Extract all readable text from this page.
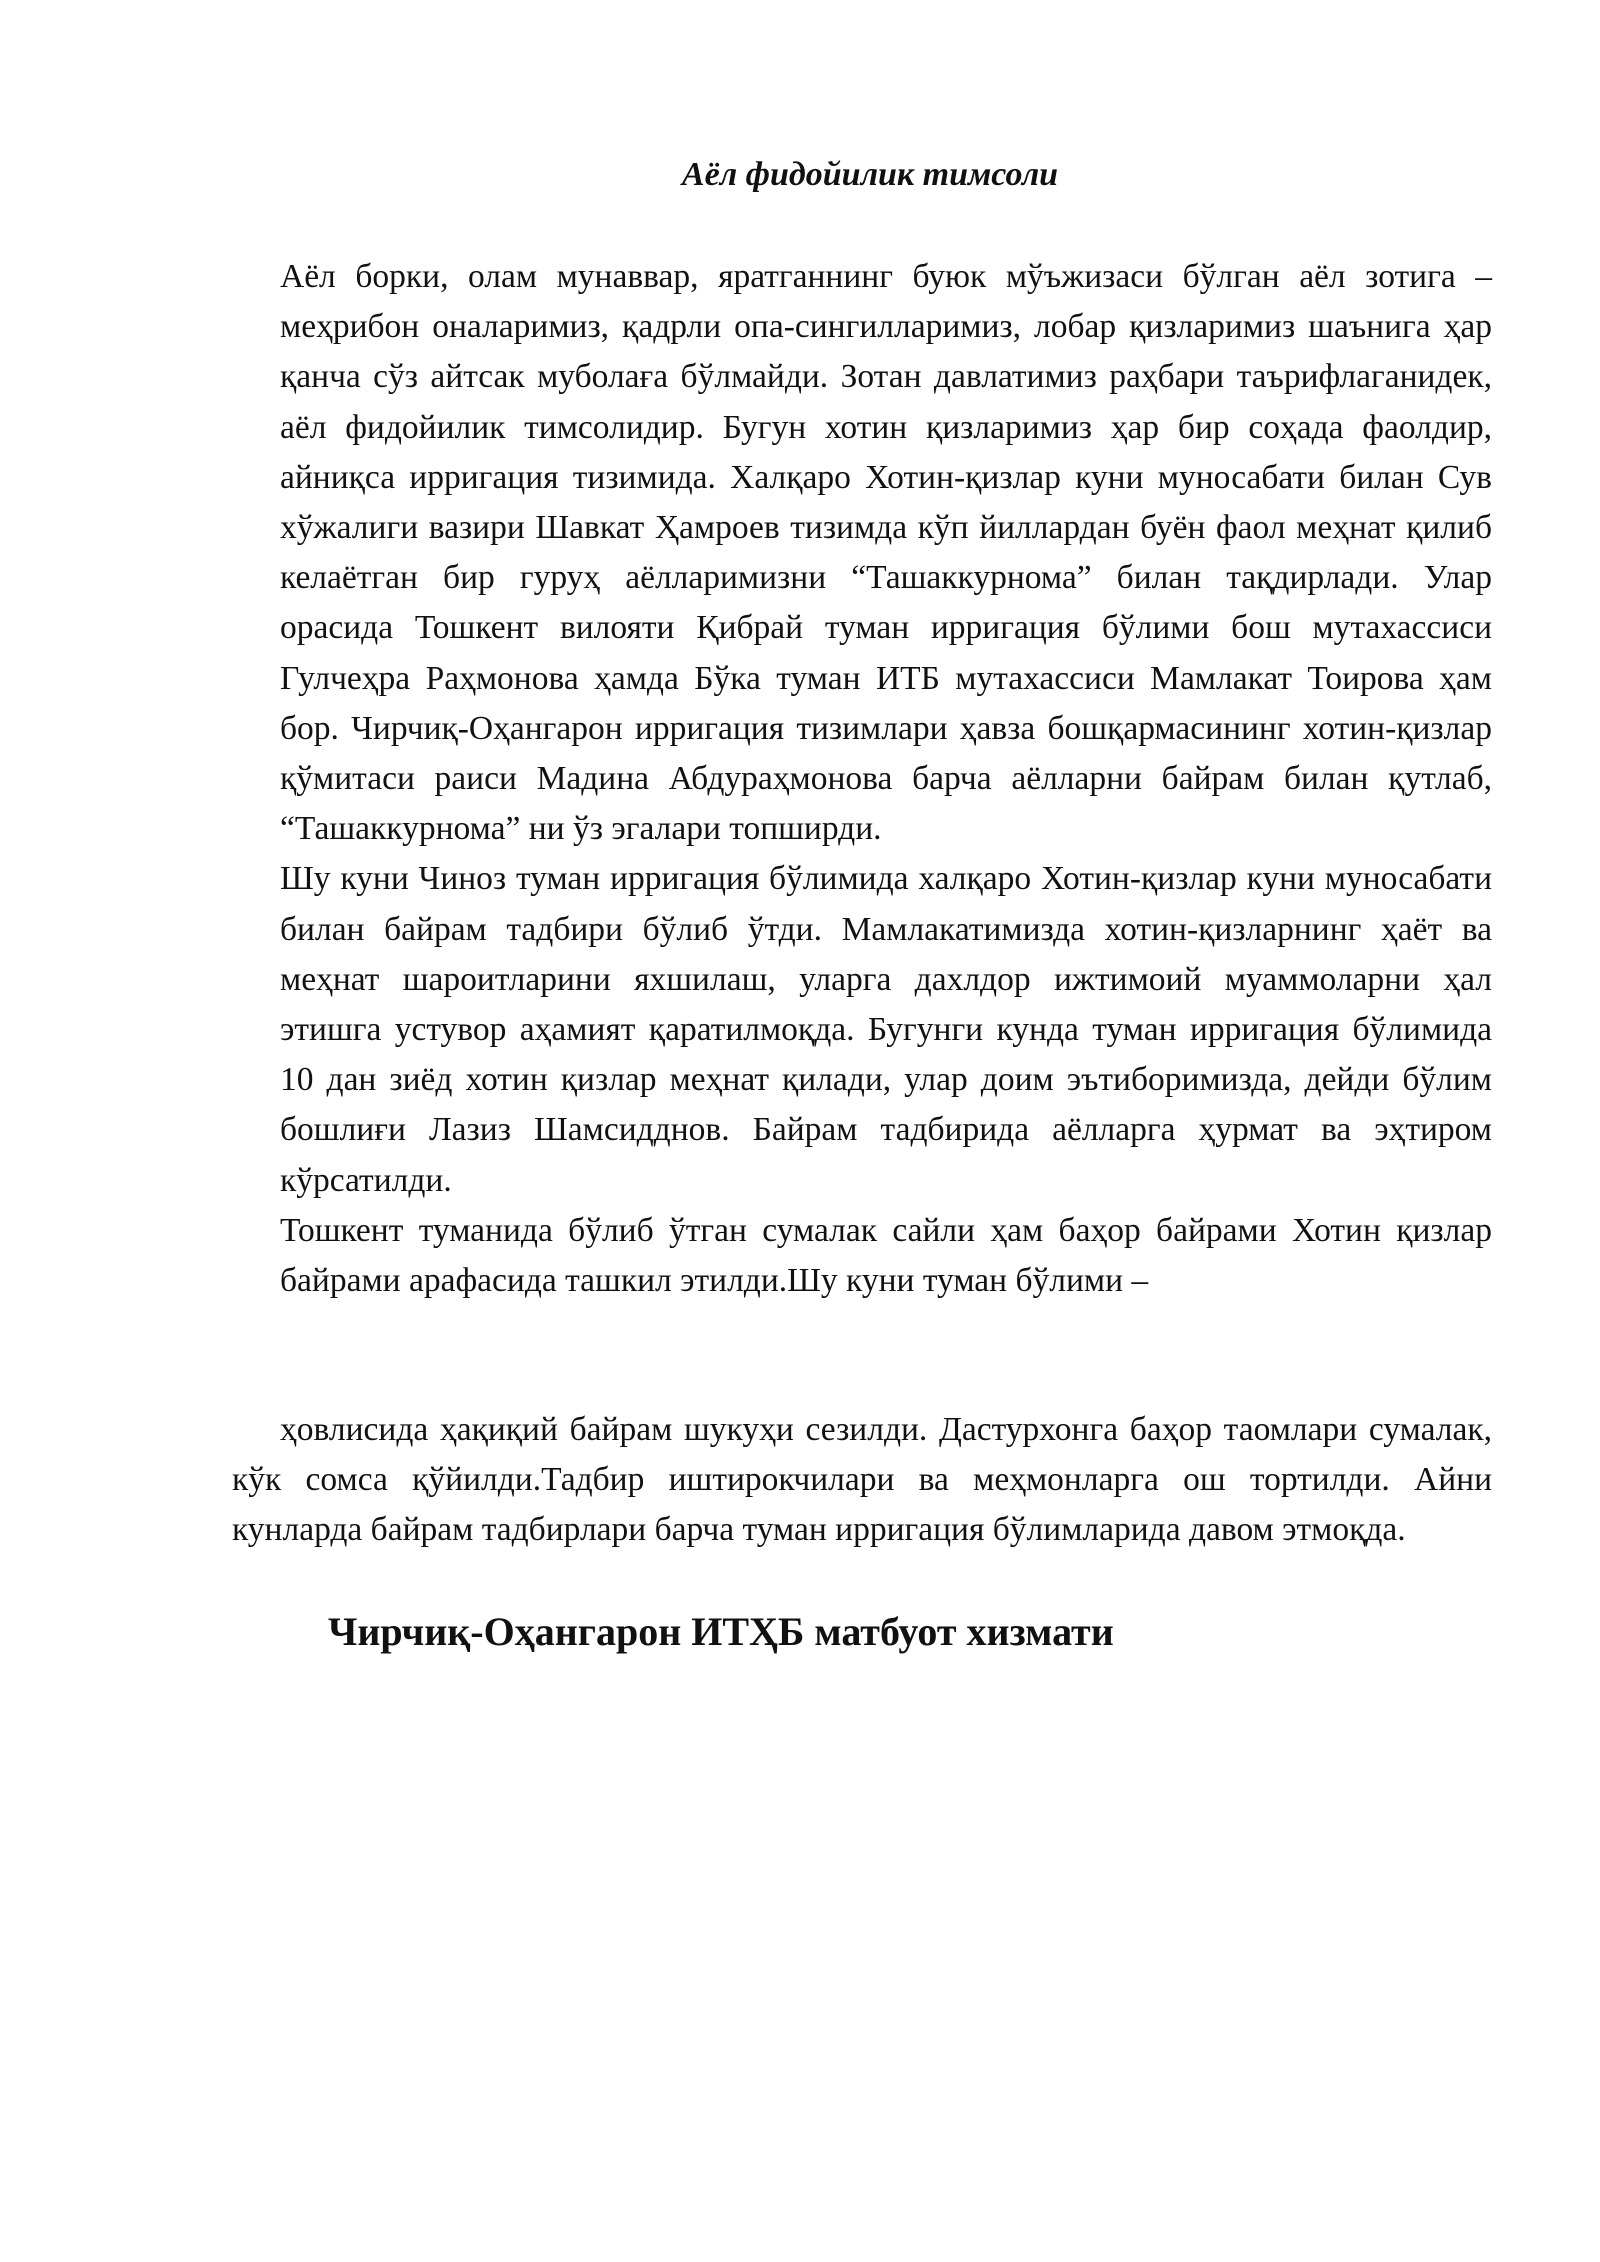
Аёл фидойилик тимсоли

Аёл борки, олам мунаввар, яратганнинг буюк мўъжизаси бўлган аёл зотига – меҳрибон оналаримиз, қадрли опа-сингилларимиз, лобар қизларимиз шаънига ҳар қанча сўз айтсак муболаға бўлмайди. Зотан давлатимиз раҳбари таърифлаганидек, аёл фидойилик тимсолидир. Бугун хотин қизларимиз ҳар бир соҳада фаолдир, айниқса ирригация тизимида. Халқаро Хотин-қизлар куни муносабати билан Сув хўжалиги вазири Шавкат Ҳамроев тизимда кўп йиллардан буён фаол меҳнат қилиб келаётган бир гуруҳ аёлларимизни “Ташаккурнома” билан тақдирлади. Улар орасида Тошкент вилояти Қибрай туман ирригация бўлими бош мутахассиси Гулчеҳра Раҳмонова ҳамда Бўка туман ИТБ мутахассиси Мамлакат Тоирова ҳам бор. Чирчиқ-Оҳангарон ирригация тизимлари ҳавза бошқармасининг хотин-қизлар қўмитаси раиси Мадина Абдураҳмонова барча аёлларни байрам билан қутлаб, “Ташаккурнома” ни ўз эгалари топширди.

Шу куни Чиноз туман ирригация бўлимида халқаро Хотин-қизлар куни муносабати билан байрам тадбири бўлиб ўтди. Мамлакатимизда хотин-қизларнинг ҳаёт ва меҳнат шароитларини яхшилаш, уларга дахлдор ижтимоий муаммоларни ҳал этишга устувор аҳамият қаратилмоқда. Бугунги кунда туман ирригация бўлимида 10 дан зиёд хотин қизлар меҳнат қилади, улар доим эътиборимизда, дейди бўлим бошлиғи Лазиз Шамсидднов. Байрам тадбирида аёлларга ҳурмат ва эҳтиром кўрсатилди.

Тошкент туманида бўлиб ўтган сумалак сайли ҳам баҳор байрами Хотин қизлар байрами арафасида ташкил этилди.Шу куни туман бўлими –

ҳовлисида ҳақиқий байрам шукуҳи сезилди. Дастурхонга баҳор таомлари сумалак, кўк сомса қўйилди.Тадбир иштирокчилари ва меҳмонларга ош тортилди. Айни кунларда байрам тадбирлари барча туман ирригация бўлимларида давом этмоқда.

Чирчиқ-Оҳангарон ИТҲБ матбуот хизмати
